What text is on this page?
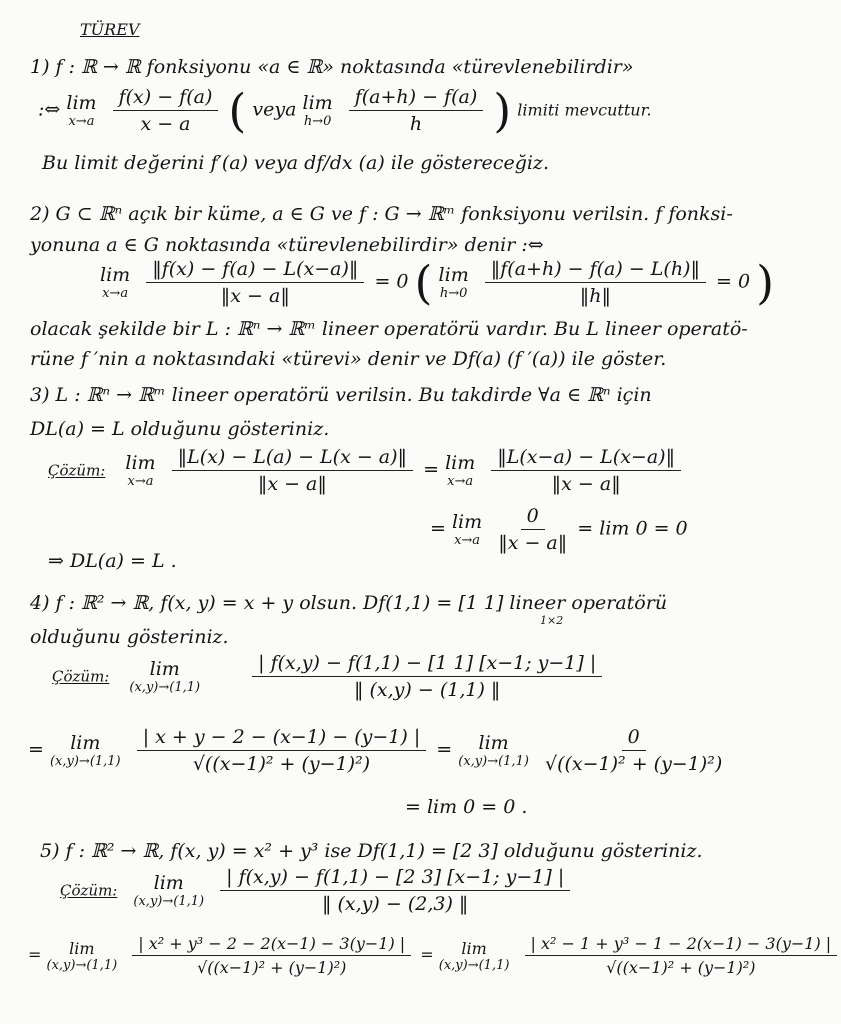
TÜREV
1) f : ℝ → ℝ fonksiyonu «a ∈ ℝ» noktasında «türevlenebilirdir»
:⇔ lim
x→a
$\frac{f(x) - f(a)}{x - a}$ ( veya lim
h→0
$\frac{f(a+h) - f(a)}{h}$ ) limiti mevcuttur.
Bu limit değerini f′(a) veya df/dx (a) ile göstereceğiz.
2) G ⊂ ℝⁿ açık bir küme, a ∈ G ve f : G → ℝᵐ fonksiyonu verilsin. f fonksi-
yonuna a ∈ G noktasında «türevlenebilirdir» denir :⇔
lim
x→a
$\frac{‖f(x) - f(a) - L(x-a)‖}{‖x - a‖} = 0$ ( lim
h→0
$\frac{‖f(a+h) - f(a) - L(h)‖}{‖h‖} = 0$ )
olacak şekilde bir L : ℝⁿ → ℝᵐ lineer operatörü vardır. Bu L lineer operatö-
rüne f ′nin a noktasındaki «türevi» denir ve Df(a) (f ′(a)) ile göster.
3) L : ℝⁿ → ℝᵐ lineer operatörü verilsin. Bu takdirde ∀a ∈ ℝⁿ için
DL(a) = L olduğunu gösteriniz.
Çözüm: lim
x→a
$\frac{‖L(x) - L(a) - L(x - a)‖}{‖x - a‖} = \lim$
x→a
$\frac{‖L(x-a) - L(x-a)‖}{‖x - a‖}$
= lim
x→a
$\frac{0}{‖x - a‖} = \lim 0 = 0$
⇒ DL(a) = L .
4) f : ℝ² → ℝ, f(x, y) = x + y olsun. Df(1,1) = [1 1] lineer operatörü
1×2
olduğunu gösteriniz.
Çözüm: lim
(x,y)→(1,1)
	$\frac{| f(x,y) - f(1,1) - [1 1] [x-1; y-1] |}{‖ (x,y) - (1,1) ‖}$
= lim
(x,y)→(1,1)
$\frac{| x + y - 2 - (x-1) - (y-1) |}{\text{√((x−1)² + (y−1)²)}} = \lim$
(x,y)→(1,1)
$\frac{0}{\text{√((x−1)² + (y−1)²)}}$
= lim 0 = 0 .
5) f : ℝ² → ℝ, f(x, y) = x² + y³ ise Df(1,1) = [2 3] olduğunu gösteriniz.
Çözüm: lim
(x,y)→(1,1)
$\frac{| f(x,y) - f(1,1) - [2 3] [x-1; y-1] |}{‖ (x,y) - (2,3) ‖}$
= lim
(x,y)→(1,1)
$\frac{\text{| x² + y³ − 2 − 2(x−1) − 3(y−1) |}}{\text{√((x−1)² + (y−1)²)}} = \lim$
(x,y)→(1,1)
$\frac{\text{| x² − 1 + y³ − 1 − 2(x−1) − 3(y−1) |}}{\text{√((x−1)² + (y−1)²)}}$
